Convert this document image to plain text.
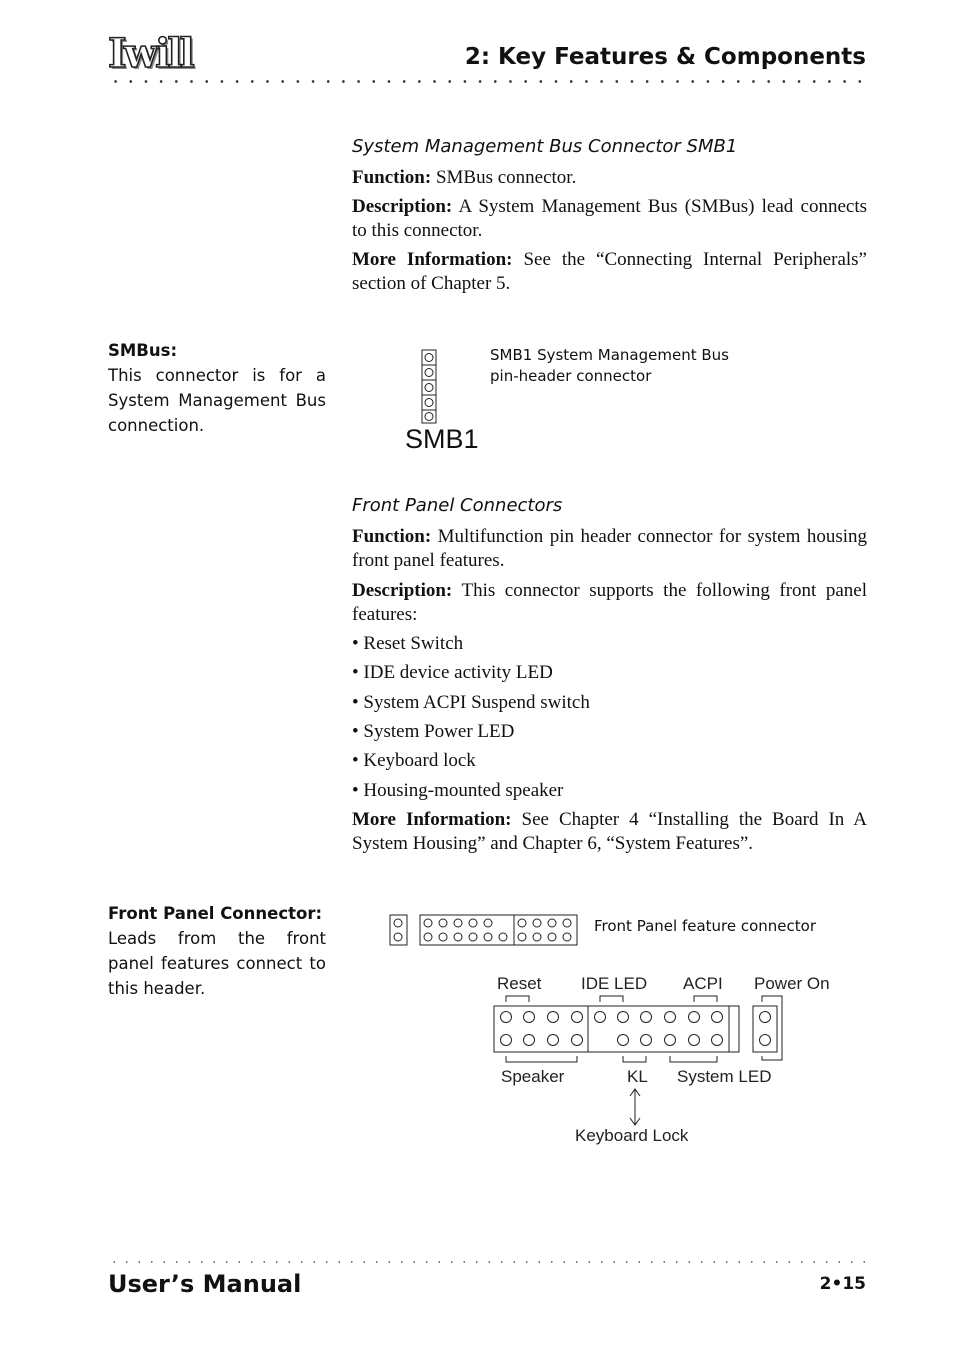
Iwill	2: Key Features & Components
System Management Bus Connector SMB1

Function: SMBus connector.

Description: A System Management Bus (SMBus) lead connects to this connector.

More Information: See the “Connecting Internal Peripherals” section of Chapter 5.

SMBus:
This connector is for a System Management Bus connection.	SMB1
SMB1 System Management Bus
pin-header connector
Front Panel Connectors

Function: Multifunction pin header connector for system housing front panel features.

Description: This connector supports the following front panel features:

• Reset Switch

• IDE device activity LED

• System ACPI Suspend switch

• System Power LED

• Keyboard lock

• Housing-mounted speaker

More Information: See Chapter 4 “Installing the Board In A System Housing” and Chapter 6, “System Features”.

Front Panel Connector:
Leads from the front panel features connect to this header.
Front Panel feature connector
Reset IDE LED ACPI Power On
Speaker	KL System LED
Keyboard Lock
User’s Manual	2•15
